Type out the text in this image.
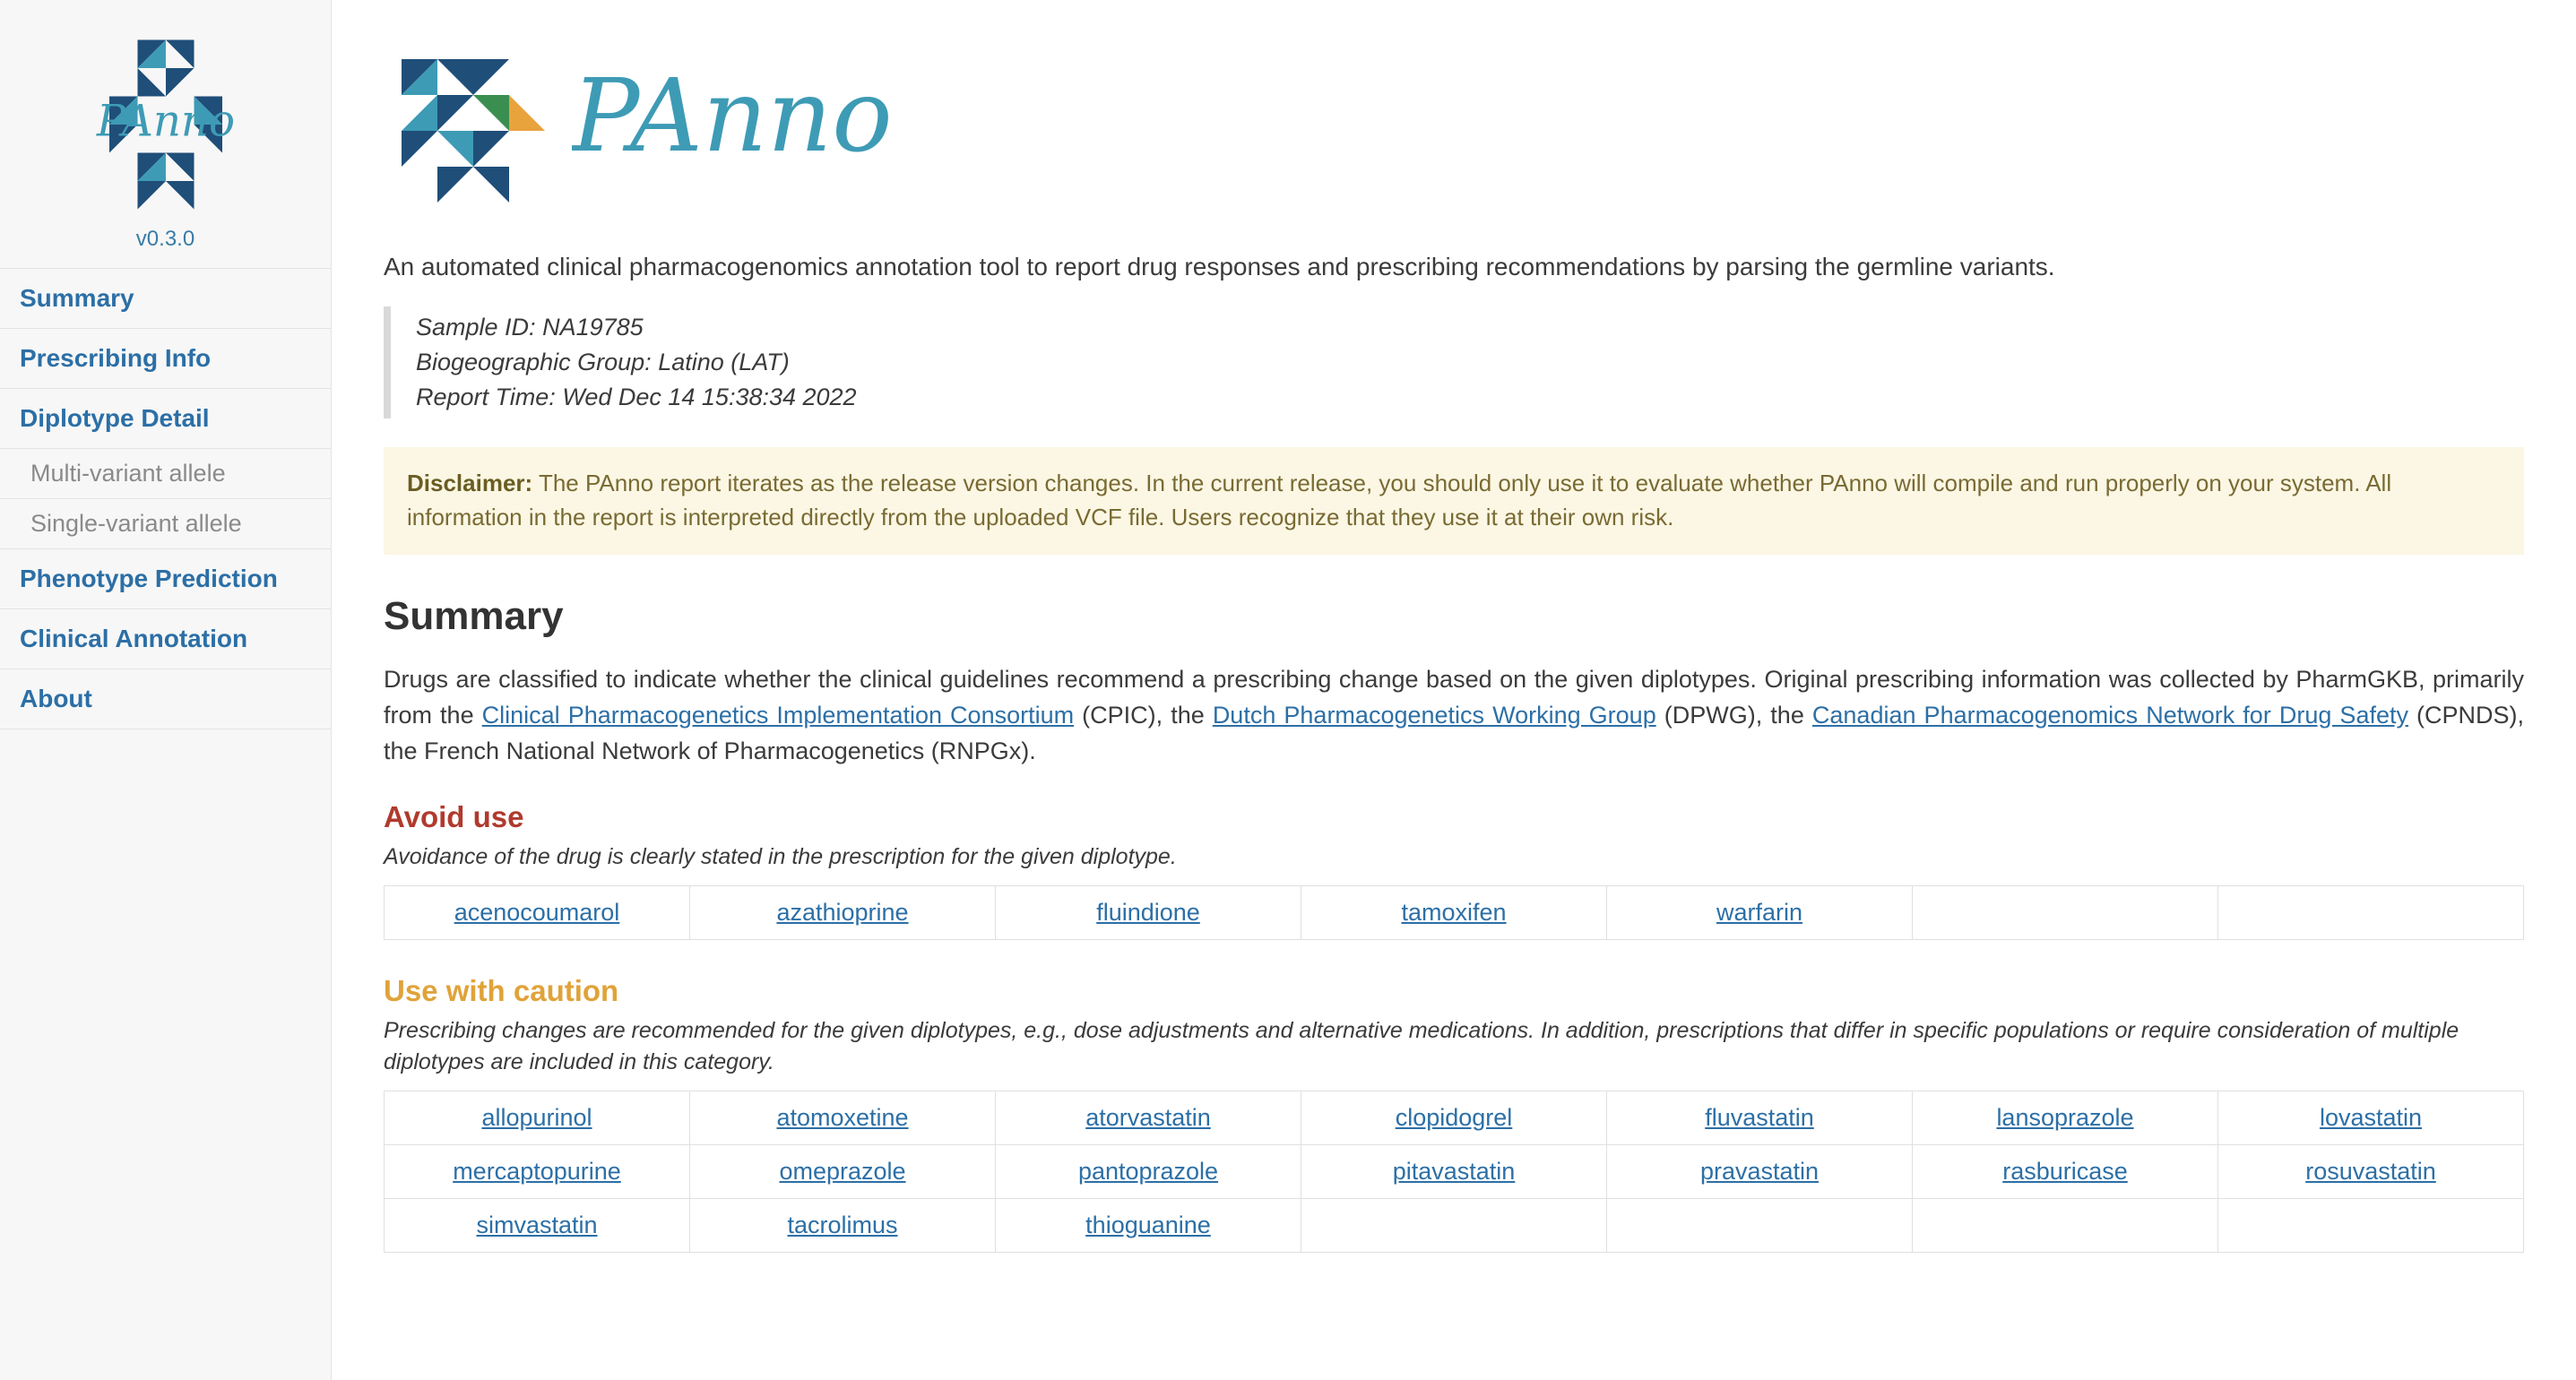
PAnno
v0.3.0
Summary
Prescribing Info
Diplotype Detail
Multi-variant allele
Single-variant allele
Phenotype Prediction
Clinical Annotation
About
PAnno

An automated clinical pharmacogenomics annotation tool to report drug responses and prescribing recommendations by parsing the germline variants.

Sample ID: NA19785
Biogeographic Group: Latino (LAT)
Report Time: Wed Dec 14 15:38:34 2022
Disclaimer: The PAnno report iterates as the release version changes. In the current release, you should only use it to evaluate whether PAnno will compile and run properly on your system. All information in the report is interpreted directly from the uploaded VCF file. Users recognize that they use it at their own risk.
Summary

Drugs are classified to indicate whether the clinical guidelines recommend a prescribing change based on the given diplotypes. Original prescribing information was collected by PharmGKB, primarily from the Clinical Pharmacogenetics Implementation Consortium (CPIC), the Dutch Pharmacogenetics Working Group (DPWG), the Canadian Pharmacogenomics Network for Drug Safety (CPNDS), the French National Network of Pharmacogenetics (RNPGx).

Avoid use

Avoidance of the drug is clearly stated in the prescription for the given diplotype.

acenocoumarol	azathioprine	fluindione	tamoxifen	warfarin		
Use with caution

Prescribing changes are recommended for the given diplotypes, e.g., dose adjustments and alternative medications. In addition, prescriptions that differ in specific populations or require consideration of multiple diplotypes are included in this category.

allopurinol	atomoxetine	atorvastatin	clopidogrel	fluvastatin	lansoprazole	lovastatin
mercaptopurine	omeprazole	pantoprazole	pitavastatin	pravastatin	rasburicase	rosuvastatin
simvastatin	tacrolimus	thioguanine				
